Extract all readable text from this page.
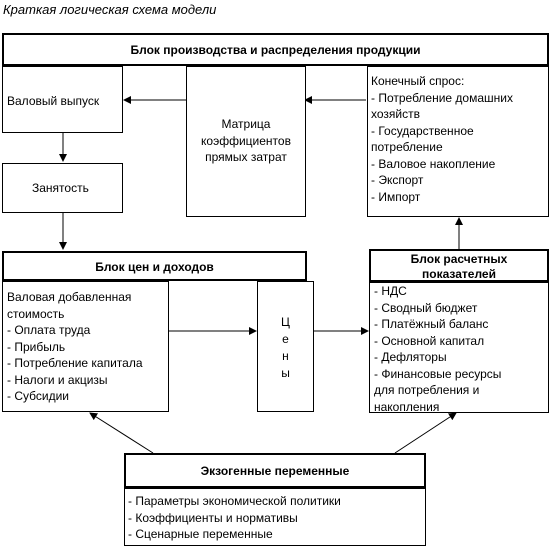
Краткая логическая схема модели
Блок производства и распределения продукции
Валовый выпуск
Матрица
коэффициентов
прямых затрат
Конечный спрос:
- Потребление домашних
хозяйств
- Государственное
потребление
- Валовое накопление
- Экспорт
- Импорт
Занятость
Блок цен и доходов
Валовая добавленная
стоимость
- Оплата труда
- Прибыль
- Потребление капитала
- Налоги и акцизы
- Субсидии
Ц
е
н
ы
Блок расчетных
показателей
- НДС
- Сводный бюджет
- Платёжный баланс
- Основной капитал
- Дефляторы
- Финансовые ресурсы
для потребления и
накопления
Экзогенные переменные
- Параметры экономической политики
- Коэффициенты и нормативы
- Сценарные переменные
